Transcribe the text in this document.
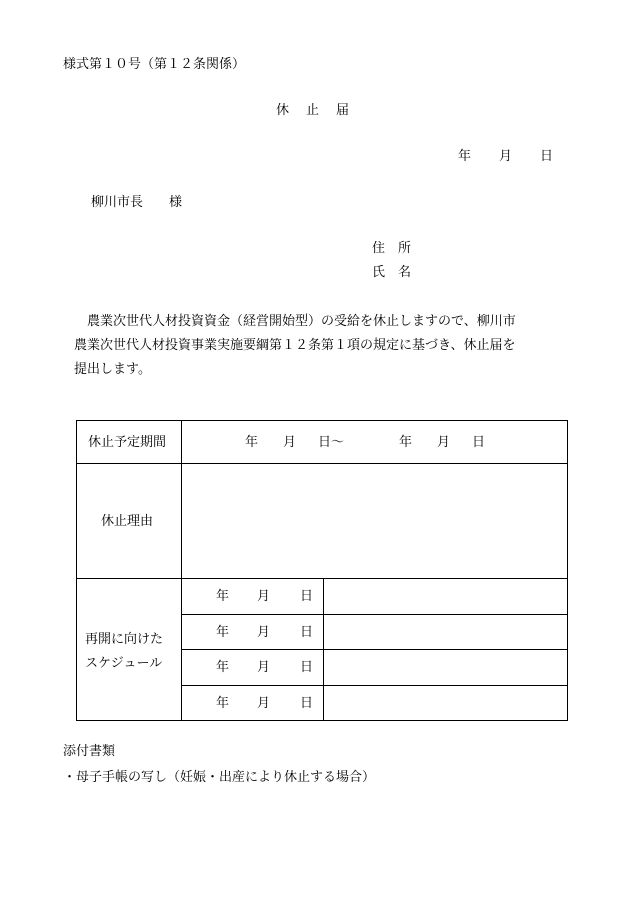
様式第１０号（第１２条関係）
休　止　届
年 月 日
柳川市長 様
住　所
氏　名
　農業次世代人材投資資金（経営開始型）の受給を休止しますので、柳川市
農業次世代人材投資事業実施要綱第１２条第１項の規定に基づき、休止届を
提出します。
休止予定期間	年 月 日～	年 月 日
休止理由
再開に向けた
スケジュール
年 月 日
年 月 日
年 月 日
年 月 日
添付書類
・母子手帳の写し（妊娠・出産により休止する場合）
